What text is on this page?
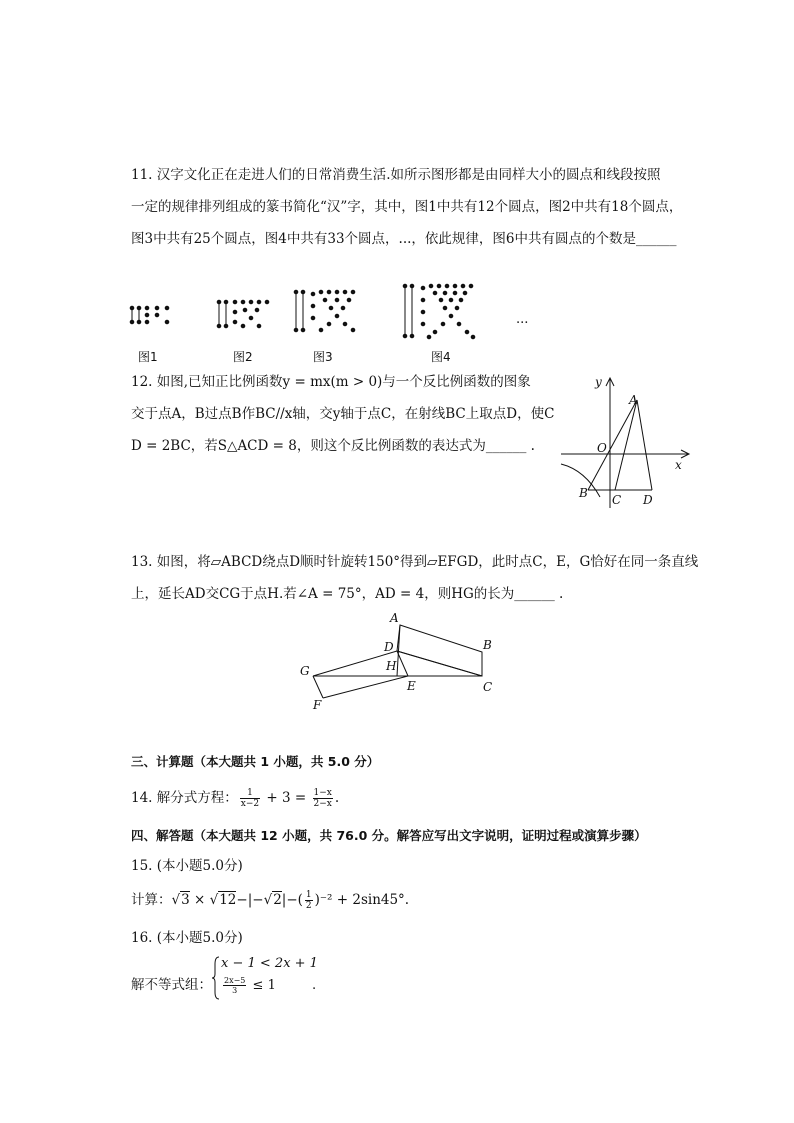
11. 汉字文化正在走进人们的日常消费生活.如所示图形都是由同样大小的圆点和线段按照
一定的规律排列组成的篆书简化“汉”字，其中，图1中共有12个圆点，图2中共有18个圆点，
图3中共有25个圆点，图4中共有33个圆点，...，依此规律，图6中共有圆点的个数是______
...
图1	图2	图3	图4
12. 如图,已知正比例函数y = mx(m > 0)与一个反比例函数的图象
交于点A，B过点B作BC//x轴，交y轴于点C，在射线BC上取点D，使C
D = 2BC，若S△ACD = 8，则这个反比例函数的表达式为______ .
y
x
O
A
B C D
13. 如图，将▱ABCD绕点D顺时针旋转150°得到▱EFGD，此时点C，E，G恰好在同一条直线
上，延长AD交CG于点H.若∠A = 75°，AD = 4，则HG的长为______ .
A
B
C
D
E
F
G	H
三、计算题（本大题共 1 小题，共 5.0 分）
14. 解分式方程： $\frac{1}{x-2} + 3 = \frac{1-x}{2-x}$ .
四、解答题（本大题共 12 小题，共 76.0 分。解答应写出文字说明，证明过程或演算步骤）
15. (本小题5.0分)
计算：$√3 \times √12-|-√2|-( \frac{1}{2} )^{-2} + 2\sin 45^\circ$.
16. (本小题5.0分)
解不等式组：
x − 1 < 2x + 1
$\frac{2x-5}{3} \le 1$	.
